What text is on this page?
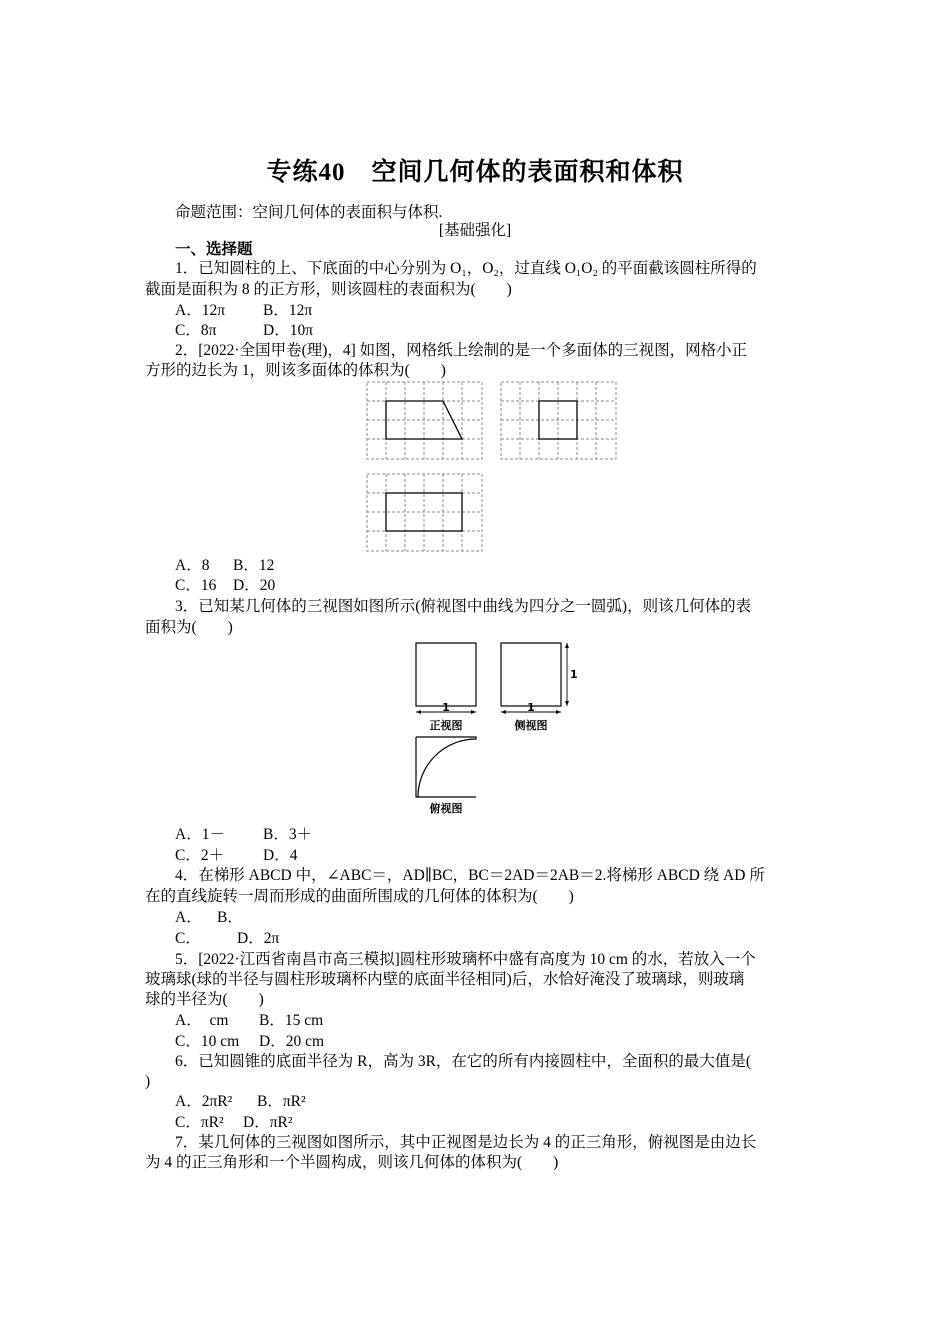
专练40　空间几何体的表面积和体积
命题范围：空间几何体的表面积与体积.
[基础强化]
一、选择题
1．已知圆柱的上、下底面的中心分别为 O₁，O₂，过直线 O₁O₂ 的平面截该圆柱所得的
截面是面积为 8 的正方形，则该圆柱的表面积为(　　)
A．12π B．12π
C．8π	D．10π
2．[2022·全国甲卷(理)，4] 如图，网格纸上绘制的是一个多面体的三视图，网格小正
方形的边长为 1，则该多面体的体积为(　　)
A．8 B．12
C．16 D．20
3．已知某几何体的三视图如图所示(俯视图中曲线为四分之一圆弧)，则该几何体的表
面积为(　　)
1
正视图
1
1
侧视图
俯视图
A．1－ B．3＋
C．2＋	D．4
4．在梯形 ABCD 中，∠ABC＝，AD∥BC，BC＝2AD＝2AB＝2.将梯形 ABCD 绕 AD 所
在的直线旋转一周而形成的曲面所围成的几何体的体积为(　　)
A． B．
C． D．2π
5．[2022·江西省南昌市高三模拟]圆柱形玻璃杯中盛有高度为 10 cm 的水，若放入一个
玻璃球(球的半径与圆柱形玻璃杯内壁的底面半径相同)后，水恰好淹没了玻璃球，则玻璃
球的半径为(　　)
A．　cm B．15 cm
C．10 cm D．20 cm
6．已知圆锥的底面半径为 R，高为 3R，在它的所有内接圆柱中，全面积的最大值是(
)
A．2πR² B．πR²
C．πR² D．πR²
7．某几何体的三视图如图所示，其中正视图是边长为 4 的正三角形，俯视图是由边长
为 4 的正三角形和一个半圆构成，则该几何体的体积为(　　)
